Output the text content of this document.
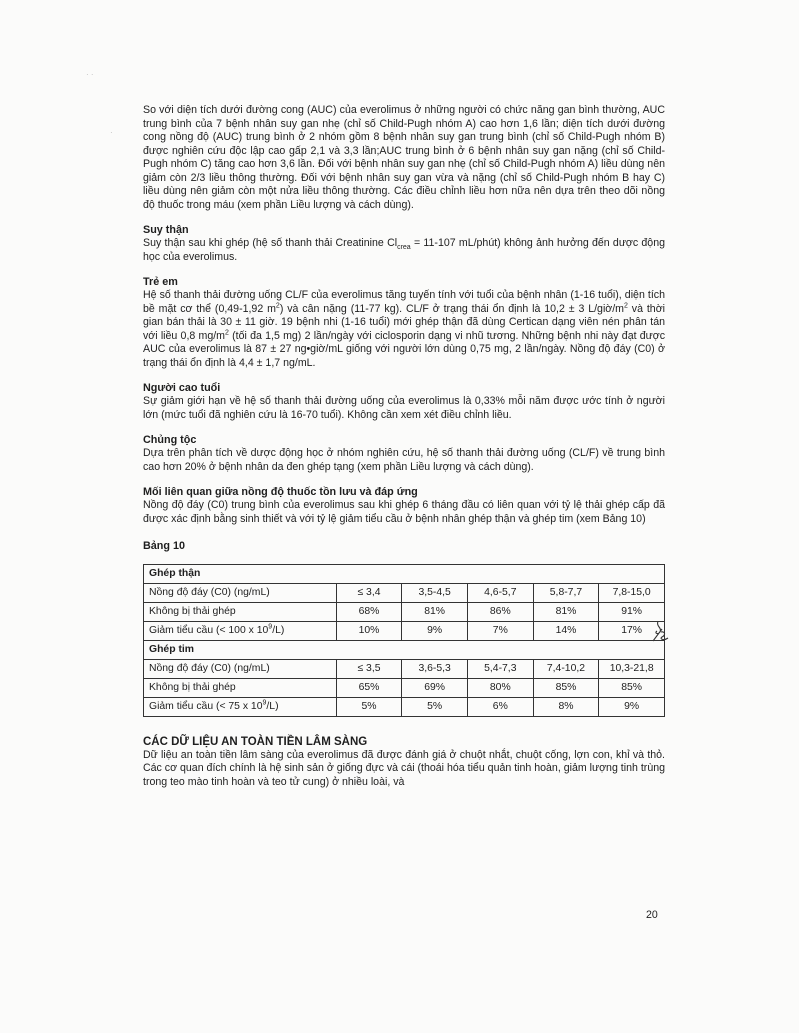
· ·
·

So với diện tích dưới đường cong (AUC) của everolimus ở những người có chức năng gan bình thường, AUC trung bình của 7 bệnh nhân suy gan nhẹ (chỉ số Child-Pugh nhóm A) cao hơn 1,6 lần; diện tích dưới đường cong nồng độ (AUC) trung bình ở 2 nhóm gồm 8 bệnh nhân suy gan trung bình (chỉ số Child-Pugh nhóm B) được nghiên cứu độc lập cao gấp 2,1 và 3,3 lần;AUC trung bình ở 6 bệnh nhân suy gan nặng (chỉ số Child-Pugh nhóm C) tăng cao hơn 3,6 lần. Đối với bệnh nhân suy gan nhẹ (chỉ số Child-Pugh nhóm A) liều dùng nên giảm còn 2/3 liều thông thường. Đối với bệnh nhân suy gan vừa và nặng (chỉ số Child-Pugh nhóm B hay C) liều dùng nên giảm còn một nửa liều thông thường. Các điều chỉnh liều hơn nữa nên dựa trên theo dõi nồng độ thuốc trong máu (xem phần Liều lượng và cách dùng).

Suy thận

Suy thận sau khi ghép (hệ số thanh thải Creatinine $Cl_{crea} = 11-107$ mL/phút) không ảnh hưởng đến dược động học của everolimus.

Trẻ em

Hệ số thanh thải đường uống CL/F của everolimus tăng tuyến tính với tuổi của bệnh nhân (1-16 tuổi), diện tích bề mặt cơ thể (0,49-1,92 $m^2$) và cân nặng (11-77 kg). CL/F ở trạng thái ổn định là 10,2 ± 3 $L/giờ/m^2$ và thời gian bán thải là 30 ± 11 giờ. 19 bệnh nhi (1-16 tuổi) mới ghép thận đã dùng Certican dạng viên nén phân tán với liều 0,8 $mg/m^2$ (tối đa 1,5 mg) 2 lần/ngày với ciclosporin dạng vi nhũ tương. Những bệnh nhi này đạt được AUC của everolimus là 87 ± 27 ng•giờ/mL giống với người lớn dùng 0,75 mg, 2 lần/ngày. Nồng độ đáy (C0) ở trạng thái ổn định là 4,4 ± 1,7 ng/mL.

Người cao tuổi

Sự giảm giới hạn về hệ số thanh thải đường uống của everolimus là 0,33% mỗi năm được ước tính ở người lớn (mức tuổi đã nghiên cứu là 16-70 tuổi). Không cần xem xét điều chỉnh liều.

Chủng tộc

Dựa trên phân tích về dược động học ở nhóm nghiên cứu, hệ số thanh thải đường uống (CL/F) về trung bình cao hơn 20% ở bệnh nhân da đen ghép tạng (xem phần Liều lượng và cách dùng).

Mối liên quan giữa nồng độ thuốc tồn lưu và đáp ứng

Nồng độ đáy (C0) trung bình của everolimus sau khi ghép 6 tháng đầu có liên quan với tỷ lệ thải ghép cấp đã được xác định bằng sinh thiết và với tỷ lệ giảm tiểu cầu ở bệnh nhân ghép thận và ghép tim (xem Bảng 10)

Bảng 10

Ghép thận					
Nồng độ đáy (C0) (ng/mL)	≤ 3,4	3,5-4,5	4,6-5,7	5,8-7,7	7,8-15,0
Không bị thải ghép	68%	81%	86%	81%	91%
Giảm tiểu cầu (< 100 x $10^9/L$)	10%	9%	7%	14%	17%
Ghép tim					
Nồng độ đáy (C0) (ng/mL)	≤ 3,5	3,6-5,3	5,4-7,3	7,4-10,2	10,3-21,8
Không bị thải ghép	65%	69%	80%	85%	85%
Giảm tiểu cầu (< 75 x $10^9/L$)	5%	5%	6%	8%	9%

CÁC DỮ LIỆU AN TOÀN TIỀN LÂM SÀNG

Dữ liệu an toàn tiền lâm sàng của everolimus đã được đánh giá ở chuột nhắt, chuột cống, lợn con, khỉ và thỏ. Các cơ quan đích chính là hệ sinh sản ở giống đực và cái (thoái hóa tiểu quản tinh hoàn, giảm lượng tinh trùng trong teo mào tinh hoàn và teo tử cung) ở nhiều loài, và

20
